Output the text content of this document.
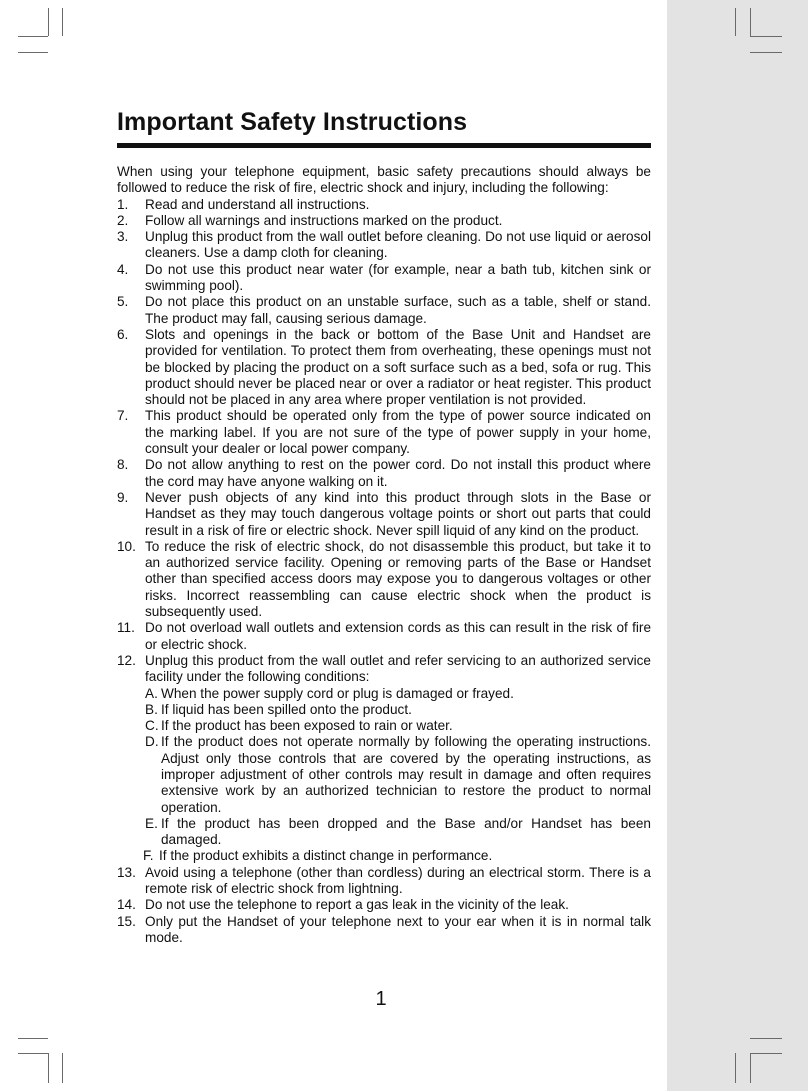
Important Safety Instructions

When using your telephone equipment, basic safety precautions should always be followed to reduce the risk of fire, electric shock and injury, including the following:

1. Read and understand all instructions.
2. Follow all warnings and instructions marked on the product.
3. Unplug this product from the wall outlet before cleaning. Do not use liquid or aerosol cleaners. Use a damp cloth for cleaning.
4. Do not use this product near water (for example, near a bath tub, kitchen sink or swimming pool).
5. Do not place this product on an unstable surface, such as a table, shelf or stand. The product may fall, causing serious damage.
6. Slots and openings in the back or bottom of the Base Unit and Handset are provided for ventilation. To protect them from overheating, these openings must not be blocked by placing the product on a soft surface such as a bed, sofa or rug. This product should never be placed near or over a radiator or heat register. This product should not be placed in any area where proper ventilation is not provided.
7. This product should be operated only from the type of power source indicated on the marking label. If you are not sure of the type of power supply in your home, consult your dealer or local power company.
8. Do not allow anything to rest on the power cord. Do not install this product where the cord may have anyone walking on it.
9. Never push objects of any kind into this product through slots in the Base or Handset as they may touch dangerous voltage points or short out parts that could result in a risk of fire or electric shock. Never spill liquid of any kind on the product.
10. To reduce the risk of electric shock, do not disassemble this product, but take it to an authorized service facility. Opening or removing parts of the Base or Handset other than specified access doors may expose you to dangerous voltages or other risks. Incorrect reassembling can cause electric shock when the product is subsequently used.
11. Do not overload wall outlets and extension cords as this can result in the risk of fire or electric shock.
12. Unplug this product from the wall outlet and refer servicing to an authorized service facility under the following conditions:
A. When the power supply cord or plug is damaged or frayed.
B. If liquid has been spilled onto the product.
C. If the product has been exposed to rain or water.
D. If the product does not operate normally by following the operating instructions. Adjust only those controls that are covered by the operating instructions, as improper adjustment of other controls may result in damage and often requires extensive work by an authorized technician to restore the product to normal operation.
E. If the product has been dropped and the Base and/or Handset has been damaged.
F. If the product exhibits a distinct change in performance.
13. Avoid using a telephone (other than cordless) during an electrical storm. There is a remote risk of electric shock from lightning.
14. Do not use the telephone to report a gas leak in the vicinity of the leak.
15. Only put the Handset of your telephone next to your ear when it is in normal talk mode.
1
